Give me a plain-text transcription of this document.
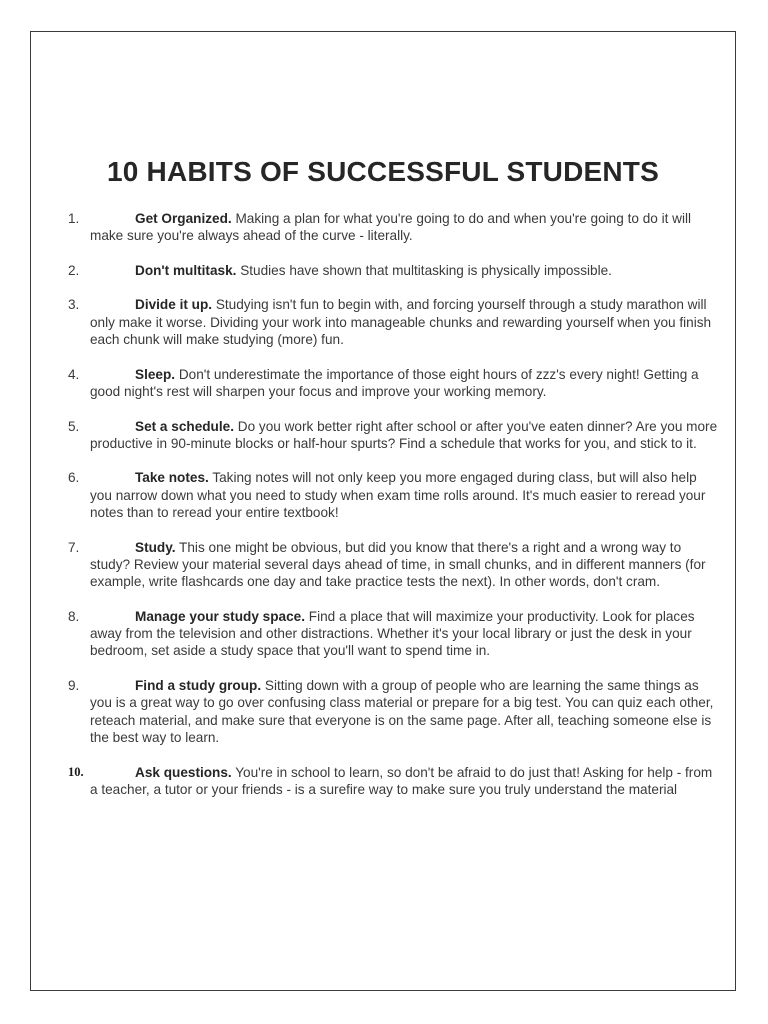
10 HABITS OF SUCCESSFUL STUDENTS
1.	Get Organized. Making a plan for what you're going to do and when you're going to do it will make sure you're always ahead of the curve - literally.
2.	Don't multitask. Studies have shown that multitasking is physically impossible.
3.	Divide it up. Studying isn't fun to begin with, and forcing yourself through a study marathon will only make it worse. Dividing your work into manageable chunks and rewarding yourself when you finish each chunk will make studying (more) fun.
4.	Sleep. Don't underestimate the importance of those eight hours of zzz's every night! Getting a good night's rest will sharpen your focus and improve your working memory.
5.	Set a schedule. Do you work better right after school or after you've eaten dinner? Are you more productive in 90-minute blocks or half-hour spurts? Find a schedule that works for you, and stick to it.
6.	Take notes. Taking notes will not only keep you more engaged during class, but will also help you narrow down what you need to study when exam time rolls around. It's much easier to reread your notes than to reread your entire textbook!
7.	Study. This one might be obvious, but did you know that there's a right and a wrong way to study? Review your material several days ahead of time, in small chunks, and in different manners (for example, write flashcards one day and take practice tests the next). In other words, don't cram.
8.	Manage your study space. Find a place that will maximize your productivity. Look for places away from the television and other distractions. Whether it's your local library or just the desk in your bedroom, set aside a study space that you'll want to spend time in.
9.	Find a study group. Sitting down with a group of people who are learning the same things as you is a great way to go over confusing class material or prepare for a big test. You can quiz each other, reteach material, and make sure that everyone is on the same page. After all, teaching someone else is the best way to learn.
10.	Ask questions. You're in school to learn, so don't be afraid to do just that! Asking for help - from a teacher, a tutor or your friends - is a surefire way to make sure you truly understand the material
